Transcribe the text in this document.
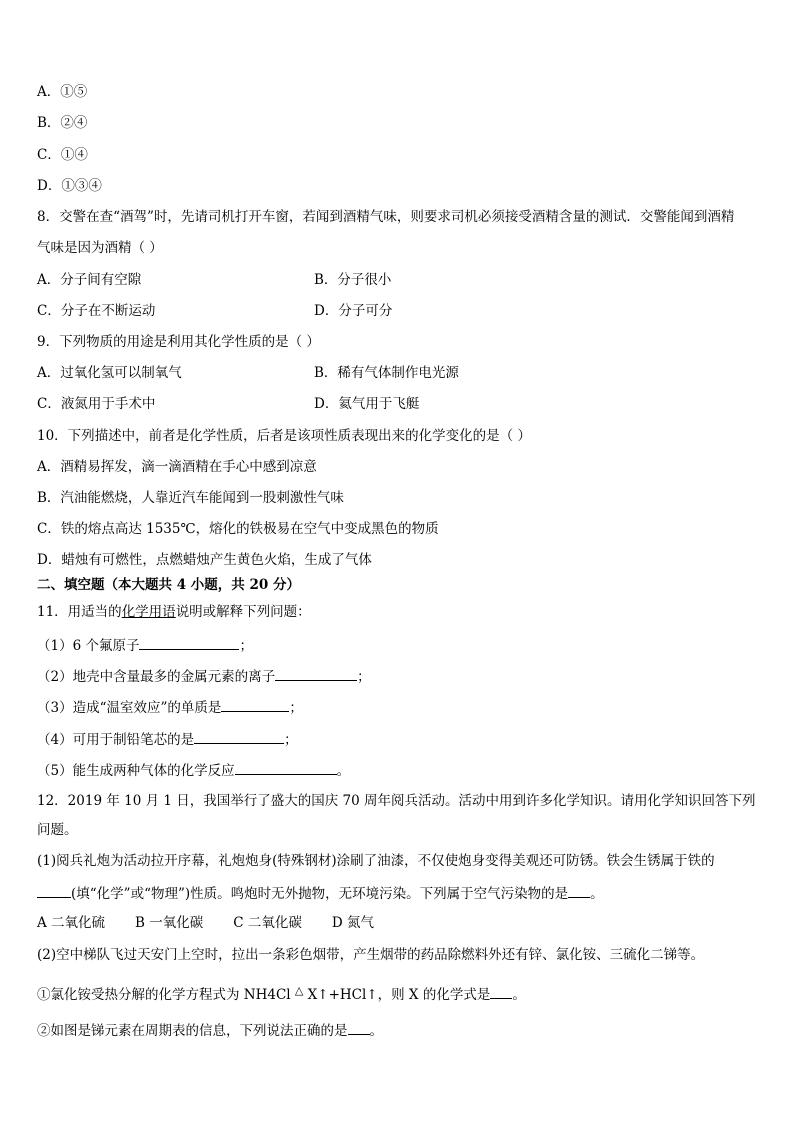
A．①⑤
B．②④
C．①④
D．①③④
8．交警在查“酒驾”时，先请司机打开车窗，若闻到酒精气味，则要求司机必须接受酒精含量的测试．交警能闻到酒精
气味是因为酒精（ ）
A．分子间有空隙	B．分子很小
C．分子在不断运动	D．分子可分
9．下列物质的用途是利用其化学性质的是（ ）
A．过氧化氢可以制氧气	B．稀有气体制作电光源
C．液氮用于手术中	D．氦气用于飞艇
10．下列描述中，前者是化学性质，后者是该项性质表现出来的化学变化的是（ ）
A．酒精易挥发，滴一滴酒精在手心中感到凉意
B．汽油能燃烧，人靠近汽车能闻到一股刺激性气味
C．铁的熔点高达 1535℃，熔化的铁极易在空气中变成黑色的物质
D．蜡烛有可燃性，点燃蜡烛产生黄色火焰，生成了气体
二、填空题（本大题共 4 小题，共 20 分）
11．用适当的化学用语说明或解释下列问题：
（1）6 个氟原子	；
（2）地壳中含量最多的金属元素的离子	；
（3）造成“温室效应”的单质是	；
（4）可用于制铅笔芯的是	；
（5）能生成两种气体的化学反应	。
12．2019 年 10 月 1 日，我国举行了盛大的国庆 70 周年阅兵活动。活动中用到许多化学知识。请用化学知识回答下列
问题。
(1)阅兵礼炮为活动拉开序幕，礼炮炮身(特殊钢材)涂刷了油漆，不仅使炮身变得美观还可防锈。铁会生锈属于铁的
(填“化学”或“物理”)性质。鸣炮时无外抛物，无环境污染。下列属于空气污染物的是 。
A 二氧化硫 B 一氧化碳 C 二氧化碳 D 氮气
(2)空中梯队飞过天安门上空时，拉出一条彩色烟带，产生烟带的药品除燃料外还有锌、氯化铵、三硫化二锑等。
①氯化铵受热分解的化学方程式为 NH4Cl △ X↑+HCl↑，则 X 的化学式是 。
②如图是锑元素在周期表的信息，下列说法正确的是 。
